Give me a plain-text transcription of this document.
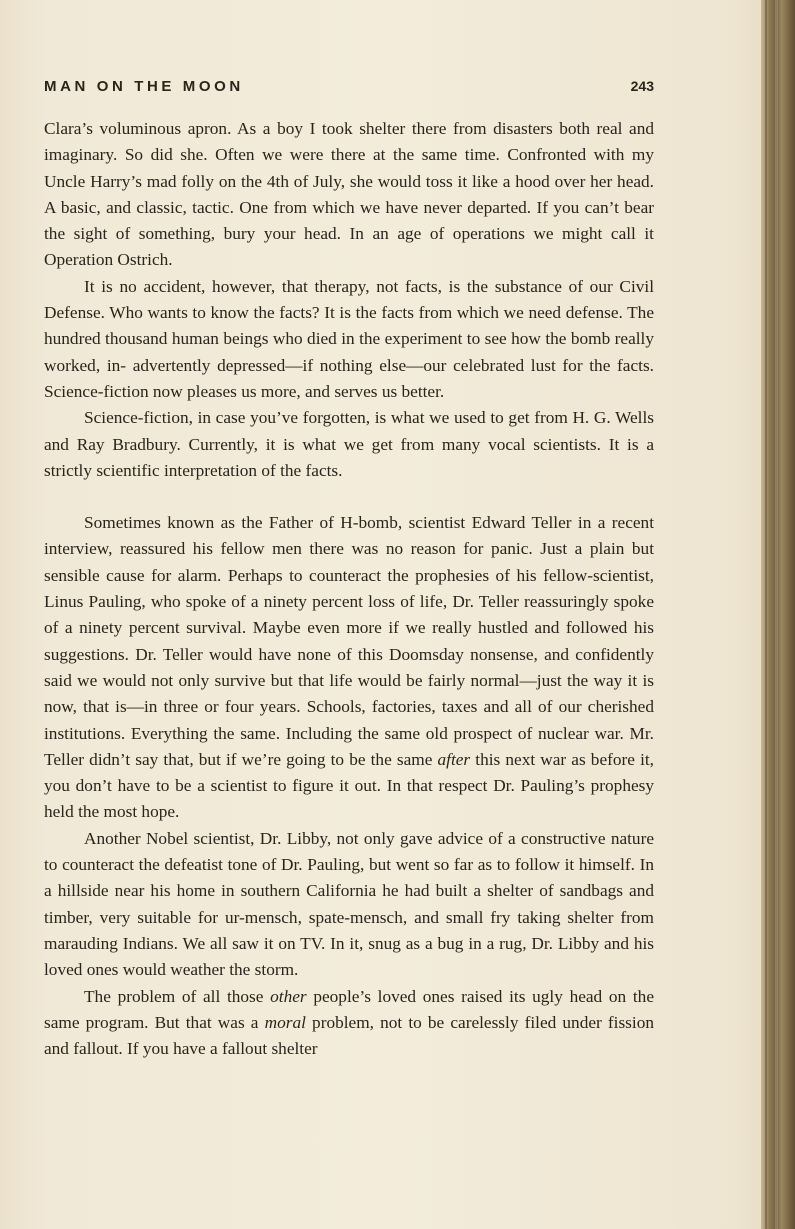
MAN ON THE MOON	243

Clara’s voluminous apron. As a boy I took shelter there from disasters both real and imaginary. So did she. Often we were there at the same time. Confronted with my Uncle Harry’s mad folly on the 4th of July, she would toss it like a hood over her head. A basic, and classic, tactic. One from which we have never departed. If you can’t bear the sight of something, bury your head. In an age of operations we might call it Operation Ostrich.

It is no accident, however, that therapy, not facts, is the substance of our Civil Defense. Who wants to know the facts? It is the facts from which we need defense. The hundred thousand human beings who died in the experiment to see how the bomb really worked, in- advertently depressed—if nothing else—our celebrated lust for the facts. Science-fiction now pleases us more, and serves us better.

Science-fiction, in case you’ve forgotten, is what we used to get from H. G. Wells and Ray Bradbury. Currently, it is what we get from many vocal scientists. It is a strictly scientific interpretation of the facts.

Sometimes known as the Father of H-bomb, scientist Edward Teller in a recent interview, reassured his fellow men there was no reason for panic. Just a plain but sensible cause for alarm. Perhaps to counteract the prophesies of his fellow-scientist, Linus Pauling, who spoke of a ninety percent loss of life, Dr. Teller reassuringly spoke of a ninety percent survival. Maybe even more if we really hustled and followed his suggestions. Dr. Teller would have none of this Doomsday nonsense, and confidently said we would not only survive but that life would be fairly normal—just the way it is now, that is—in three or four years. Schools, factories, taxes and all of our cherished institutions. Everything the same. Including the same old prospect of nuclear war. Mr. Teller didn’t say that, but if we’re going to be the same after this next war as before it, you don’t have to be a scientist to figure it out. In that respect Dr. Pauling’s prophesy held the most hope.

Another Nobel scientist, Dr. Libby, not only gave advice of a constructive nature to counteract the defeatist tone of Dr. Pauling, but went so far as to follow it himself. In a hillside near his home in southern California he had built a shelter of sandbags and timber, very suitable for ur-mensch, spate-mensch, and small fry taking shelter from marauding Indians. We all saw it on TV. In it, snug as a bug in a rug, Dr. Libby and his loved ones would weather the storm.

The problem of all those other people’s loved ones raised its ugly head on the same program. But that was a moral problem, not to be carelessly filed under fission and fallout. If you have a fallout shelter
